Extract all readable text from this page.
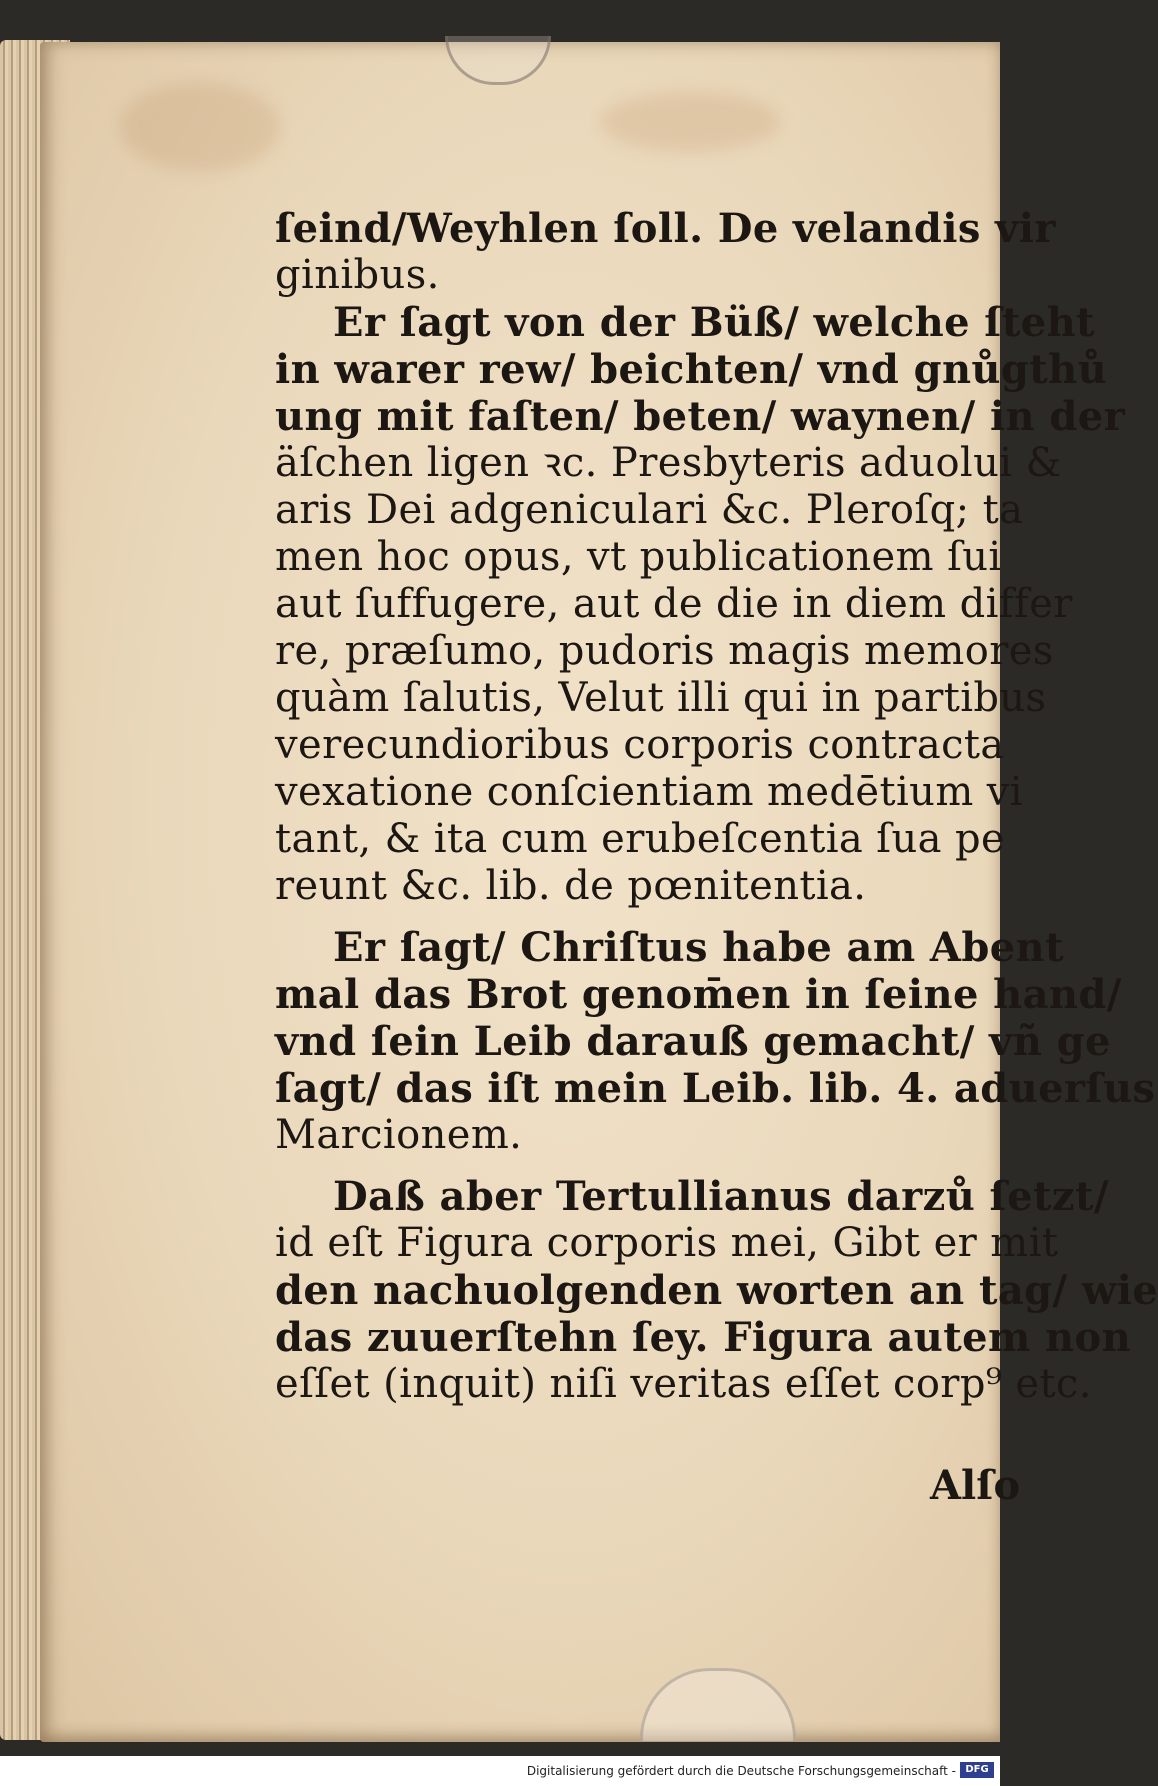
ſeind/Weyhlen ſoll. De velandis vir
ginibus.
Er ſagt von der Büß/ welche ſteht
in warer rew/ beichten/ vnd gnůgthů
ung mit faſten/ beten/ waynen/ in der
äſchen ligen ꝛc. Presbyteris aduolui &
aris Dei adgeniculari &c. Pleroſq; ta
men hoc opus, vt publicationem ſui
aut ſuffugere, aut de die in diem differ
re, præſumo, pudoris magis memores
quàm ſalutis, Velut illi qui in partibus
verecundioribus corporis contracta
vexatione conſcientiam medētium vi
tant, & ita cum erubeſcentia ſua pe
reunt &c. lib. de pœnitentia.
Er ſagt/ Chriſtus habe am Abent
mal das Brot genom̄en in ſeine hand/
vnd ſein Leib darauß gemacht/ vñ ge
ſagt/ das iſt mein Leib. lib. 4. aduerſus
Marcionem.
Daß aber Tertullianus darzů ſetzt/
id eſt Figura corporis mei, Gibt er mit
den nachuolgenden worten an tag/ wie
das zuuerſtehn ſey. Figura autem non
eſſet (inquit) niſi veritas eſſet corp⁹ etc.
Alſo
Digitalisierung gefördert durch die Deutsche Forschungsgemeinschaft - DFG
